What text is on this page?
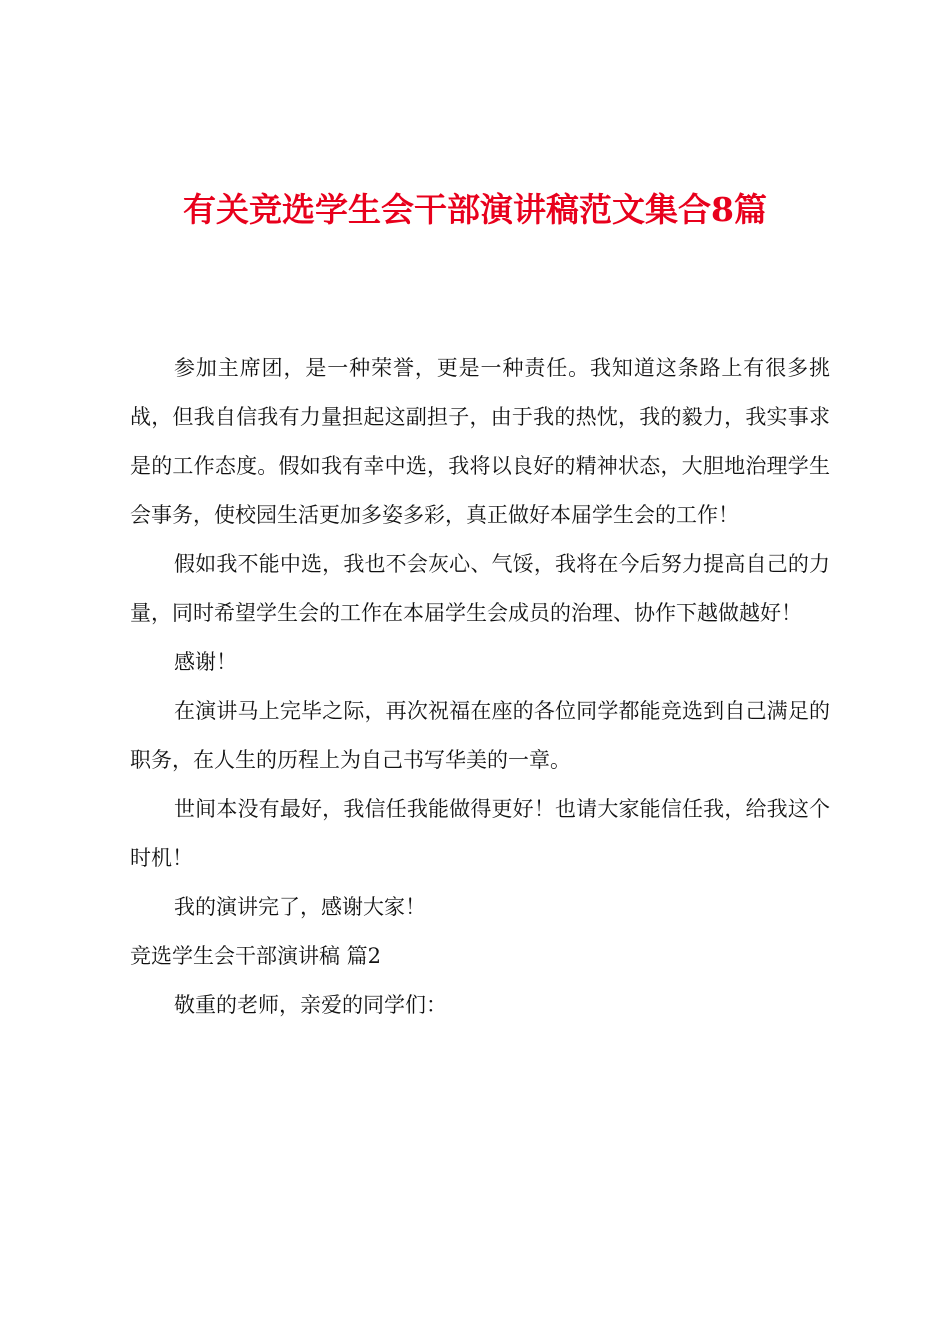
有关竞选学生会干部演讲稿范文集合8篇

参加主席团，是一种荣誉，更是一种责任。我知道这条路上有很多挑战，但我自信我有力量担起这副担子，由于我的热忱，我的毅力，我实事求是的工作态度。假如我有幸中选，我将以良好的精神状态，大胆地治理学生会事务，使校园生活更加多姿多彩，真正做好本届学生会的工作！

假如我不能中选，我也不会灰心、气馁，我将在今后努力提高自己的力量，同时希望学生会的工作在本届学生会成员的治理、协作下越做越好！

感谢！

在演讲马上完毕之际，再次祝福在座的各位同学都能竞选到自己满足的职务，在人生的历程上为自己书写华美的一章。

世间本没有最好，我信任我能做得更好！也请大家能信任我，给我这个时机！

我的演讲完了，感谢大家！

竞选学生会干部演讲稿 篇2

敬重的老师，亲爱的同学们：
